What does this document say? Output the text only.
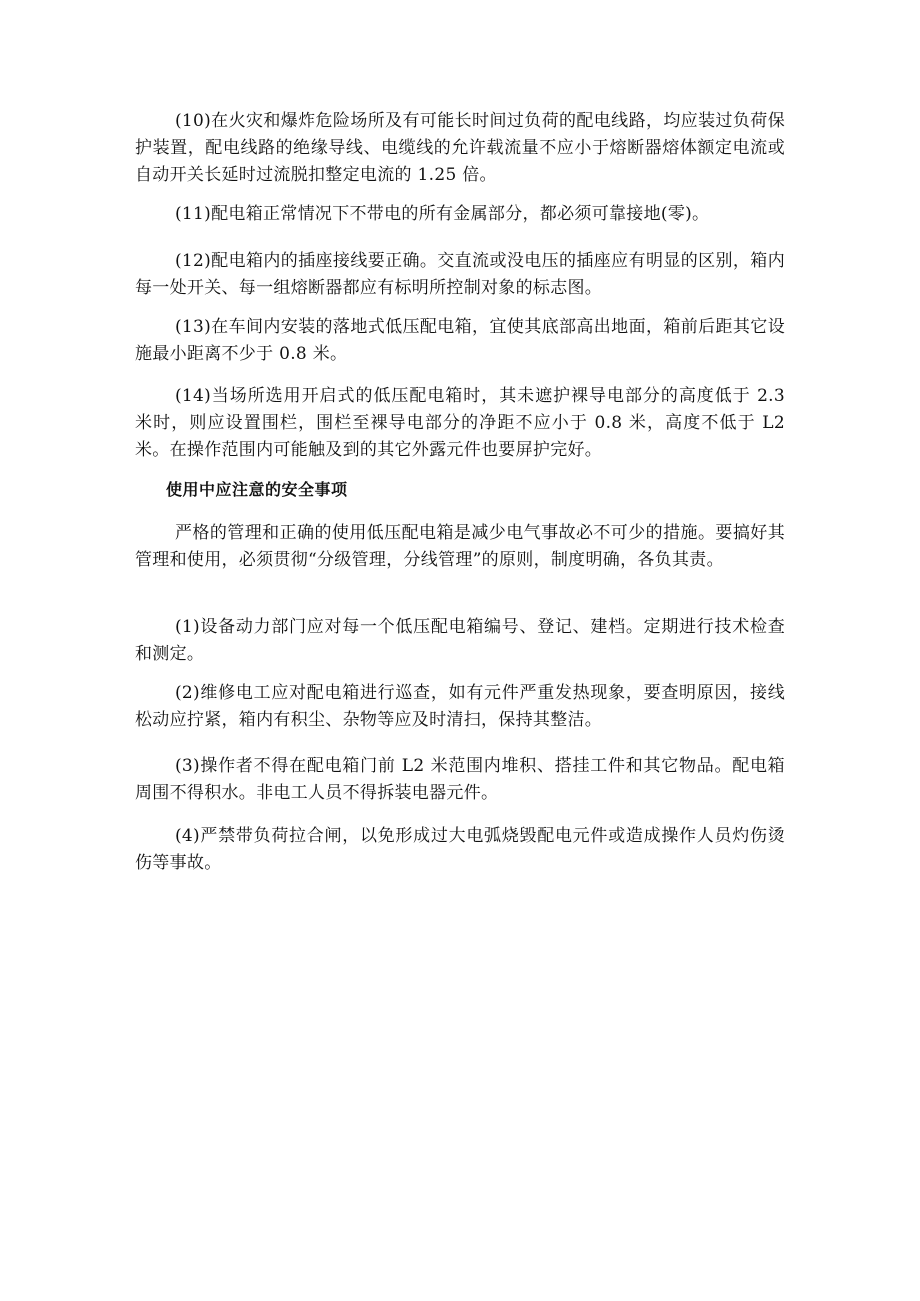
(10)在火灾和爆炸危险场所及有可能长时间过负荷的配电线路，均应装过负荷保护装置，配电线路的绝缘导线、电缆线的允许载流量不应小于熔断器熔体额定电流或自动开关长延时过流脱扣整定电流的 1.25 倍。

(11)配电箱正常情况下不带电的所有金属部分，都必须可靠接地(零)。

(12)配电箱内的插座接线要正确。交直流或没电压的插座应有明显的区别，箱内每一处开关、每一组熔断器都应有标明所控制对象的标志图。

(13)在车间内安装的落地式低压配电箱，宜使其底部高出地面，箱前后距其它设施最小距离不少于 0.8 米。

(14)当场所选用开启式的低压配电箱时，其未遮护裸导电部分的高度低于 2.3 米时，则应设置围栏，围栏至裸导电部分的净距不应小于 0.8 米，高度不低于 L2 米。在操作范围内可能触及到的其它外露元件也要屏护完好。

使用中应注意的安全事项

严格的管理和正确的使用低压配电箱是减少电气事故必不可少的措施。要搞好其管理和使用，必须贯彻“分级管理，分线管理”的原则，制度明确，各负其责。

(1)设备动力部门应对每一个低压配电箱编号、登记、建档。定期进行技术检查和测定。

(2)维修电工应对配电箱进行巡查，如有元件严重发热现象，要查明原因，接线松动应拧紧，箱内有积尘、杂物等应及时清扫，保持其整洁。

(3)操作者不得在配电箱门前 L2 米范围内堆积、搭挂工件和其它物品。配电箱周围不得积水。非电工人员不得拆装电器元件。

(4)严禁带负荷拉合闸，以免形成过大电弧烧毁配电元件或造成操作人员灼伤烫伤等事故。
